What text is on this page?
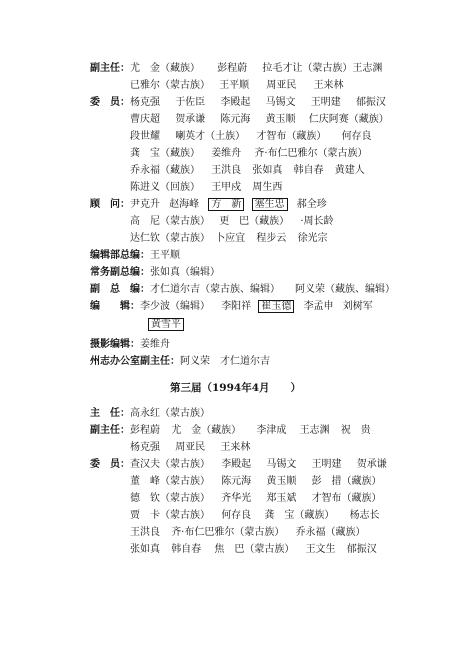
副主任：尤　金（藏族） 彭程蔚 拉毛才让（蒙古族）王志渊
已雅尔（蒙古族） 王平顺 周亚民 王来林
委　员：杨克强 于佐臣 李殿起 马锡文 王明建 郁振汉
曹庆超 贺承谦 陈元海 黄玉顺 仁庆阿赛（藏族）
段世耀 喇英才（土族） 才智布（藏族） 何存良
龚　宝（藏族） 姜维舟 齐·布仁巴雅尔（蒙古族）
乔永福（藏族） 王洪良 张如真 韩自春 黄建人
陈进义（回族） 王甲戍 周生西
顾　问：尹克升 赵海峰 方　新 塞生忠 郝全珍
高　尼（蒙古族） 更　巴（藏族） ·周长龄
达仁钦（蒙古族） 卜应宜 程步云 徐光宗
编辑部总编：王平顺
常务副总编：张如真（编辑）
副　总　编：才仁道尔吉（蒙古族、编辑）　　阿义荣（藏族、编辑）
编　　辑：李少波（编辑） 李阳祥 崔玉德 李孟申 刘树军
黄雪平
摄影编辑：姜维舟
州志办公室副主任：阿义荣　才仁道尔吉
第三届（1994年4月　　）
主　任：高永红（蒙古族）
副主任：彭程蔚 尤　金（藏族） 李津成 王志渊 祝　贵
杨克强 周亚民 王来林
委　员：查汉夫（蒙古族） 李殿起 马锡文 王明建 贺承谦
董　峰（蒙古族） 陈元海 黄玉顺 彭　措（藏族）
德　钦（蒙古族） 齐华光 郑玉斌 才智布（藏族）
贾　卡（蒙古族） 何存良 龚　宝（藏族） 杨志长
王洪良 齐·布仁巴雅尔（蒙古族） 乔永福（藏族）
张如真 韩自春 焦　巴（蒙古族） 王文生 郁振汉
